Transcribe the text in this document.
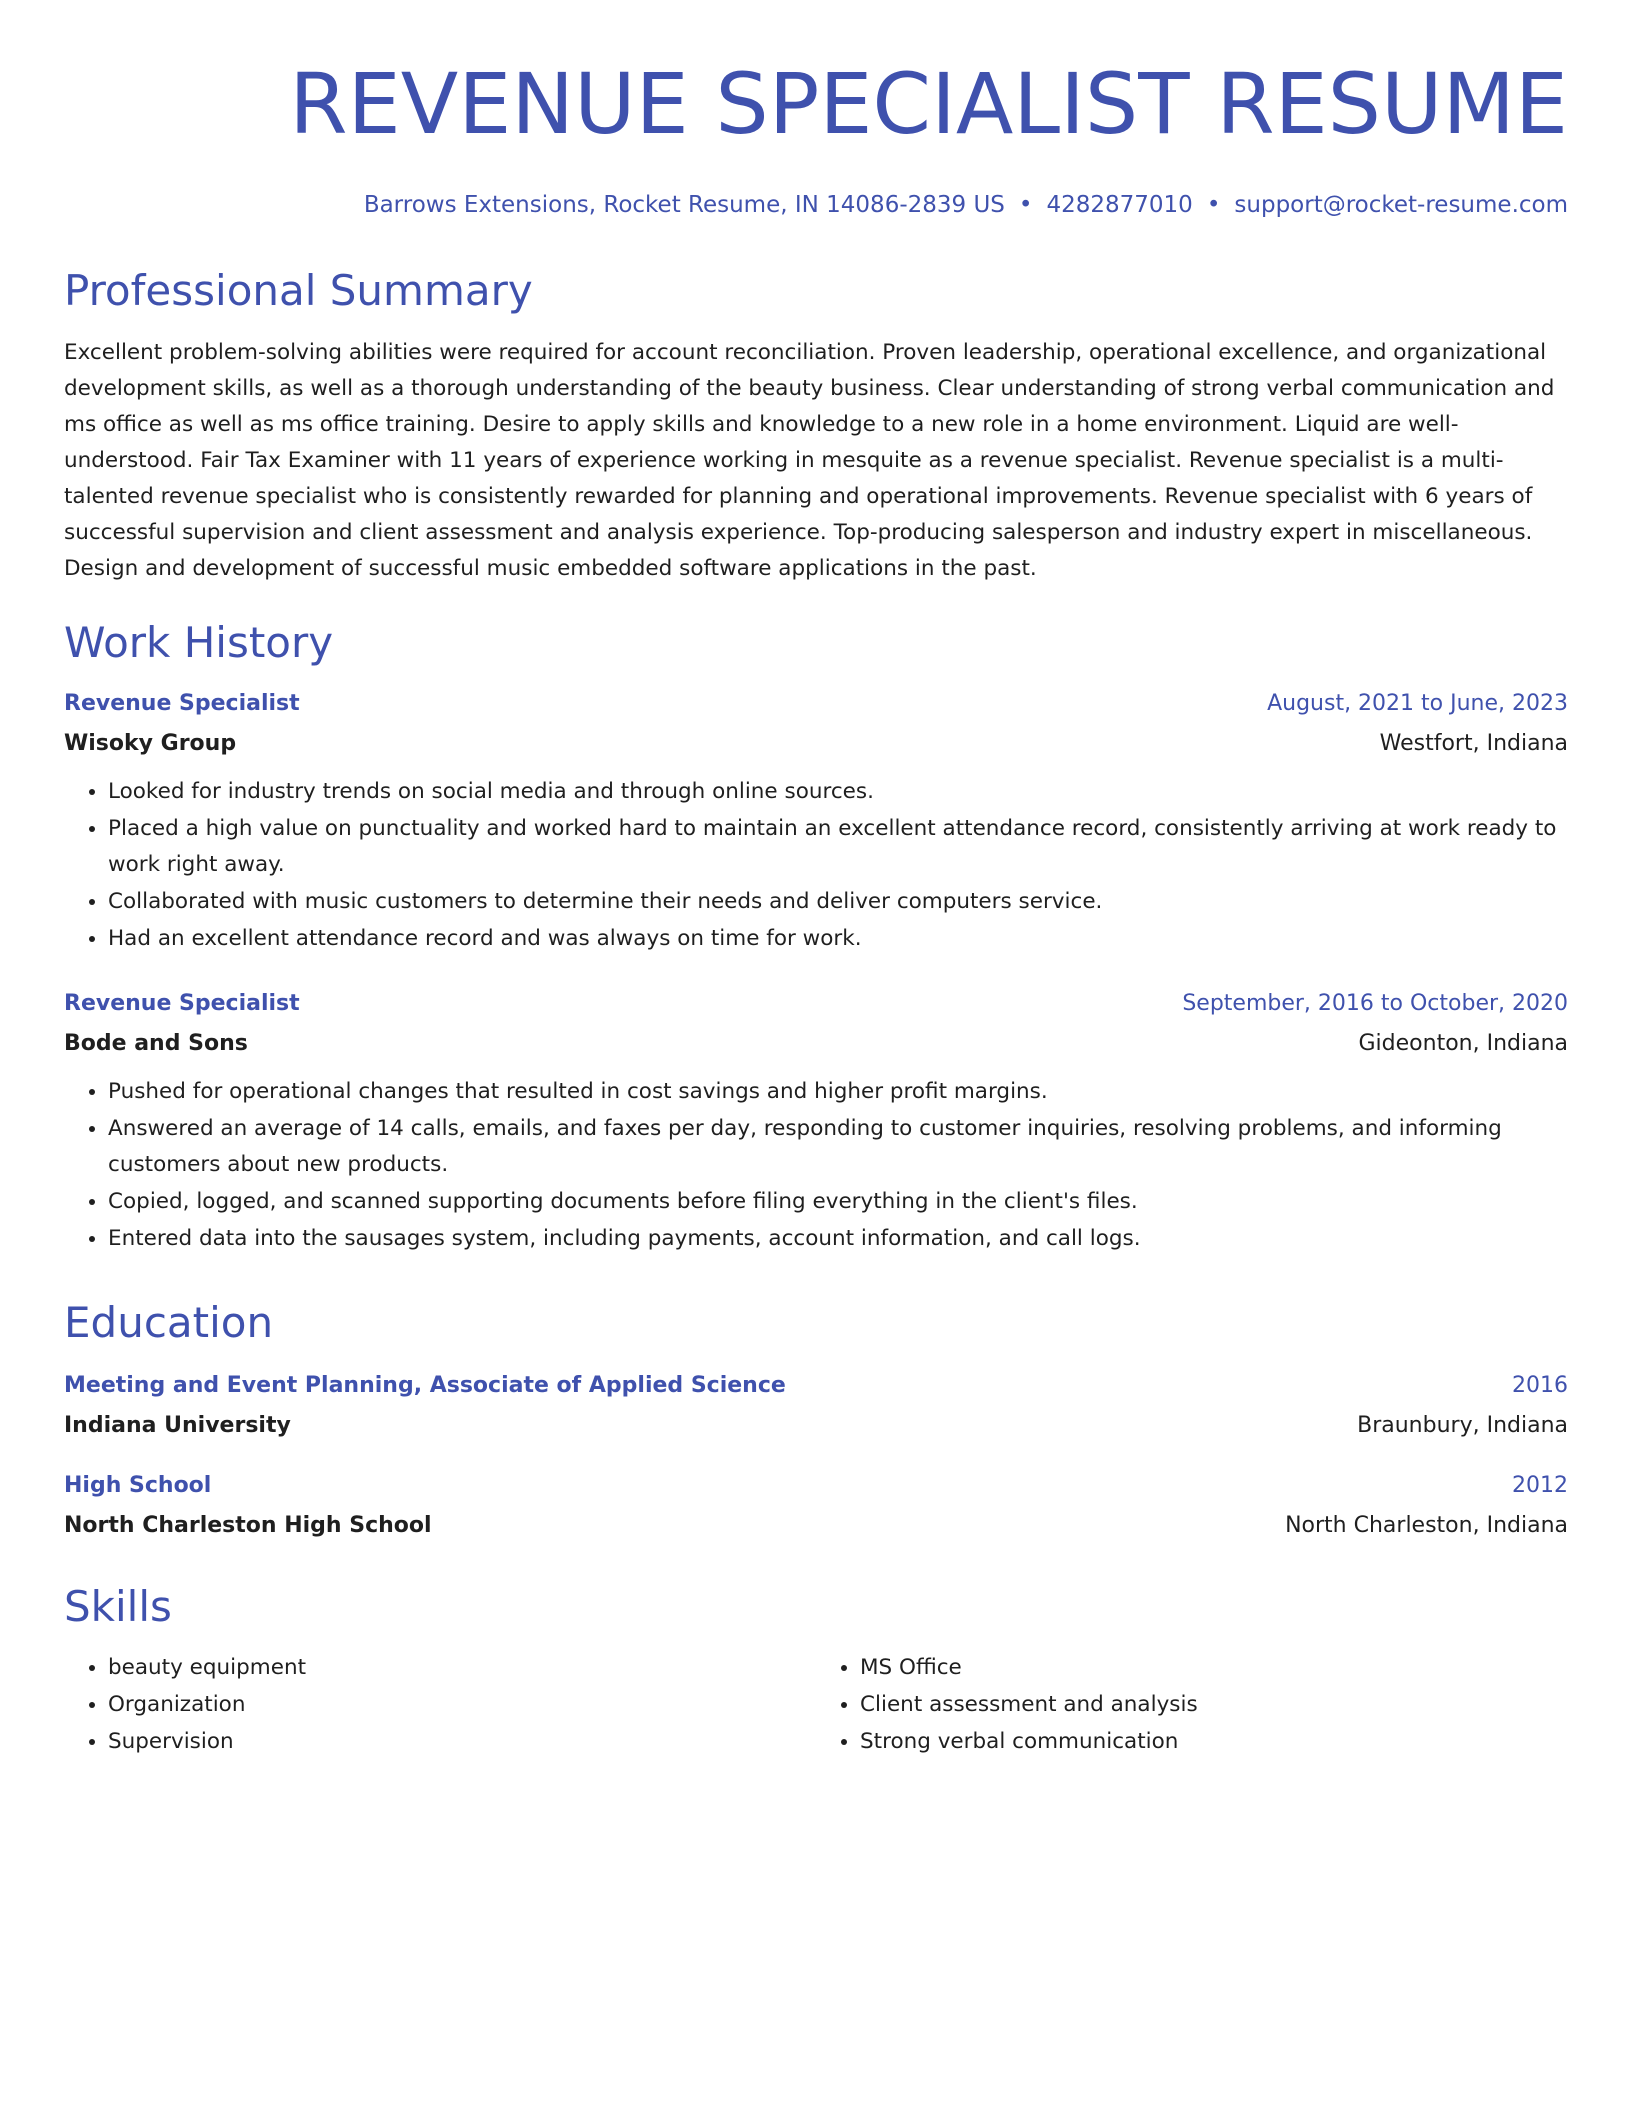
REVENUE SPECIALIST RESUME
Barrows Extensions, Rocket Resume, IN 14086-2839 US • 4282877010 • support@rocket-resume.com
Professional Summary
Excellent problem-solving abilities were required for account reconciliation. Proven leadership, operational excellence, and organizational development skills, as well as a thorough understanding of the beauty business. Clear understanding of strong verbal communication and ms office as well as ms office training. Desire to apply skills and knowledge to a new role in a home environment. Liquid are well-understood. Fair Tax Examiner with 11 years of experience working in mesquite as a revenue specialist. Revenue specialist is a multi-talented revenue specialist who is consistently rewarded for planning and operational improvements. Revenue specialist with 6 years of successful supervision and client assessment and analysis experience. Top-producing salesperson and industry expert in miscellaneous. Design and development of successful music embedded software applications in the past.
Work History
Revenue Specialist	August, 2021 to June, 2023
Wisoky Group	Westfort, Indiana
• Looked for industry trends on social media and through online sources.
• Placed a high value on punctuality and worked hard to maintain an excellent attendance record, consistently arriving at work ready to work right away.
• Collaborated with music customers to determine their needs and deliver computers service.
• Had an excellent attendance record and was always on time for work.
Revenue Specialist	September, 2016 to October, 2020
Bode and Sons	Gideonton, Indiana
• Pushed for operational changes that resulted in cost savings and higher profit margins.
• Answered an average of 14 calls, emails, and faxes per day, responding to customer inquiries, resolving problems, and informing customers about new products.
• Copied, logged, and scanned supporting documents before filing everything in the client's files.
• Entered data into the sausages system, including payments, account information, and call logs.
Education
Meeting and Event Planning, Associate of Applied Science	2016
Indiana University	Braunbury, Indiana
High School	2012
North Charleston High School	North Charleston, Indiana
Skills
• beauty equipment
• Organization
• Supervision
• MS Office
• Client assessment and analysis
• Strong verbal communication
